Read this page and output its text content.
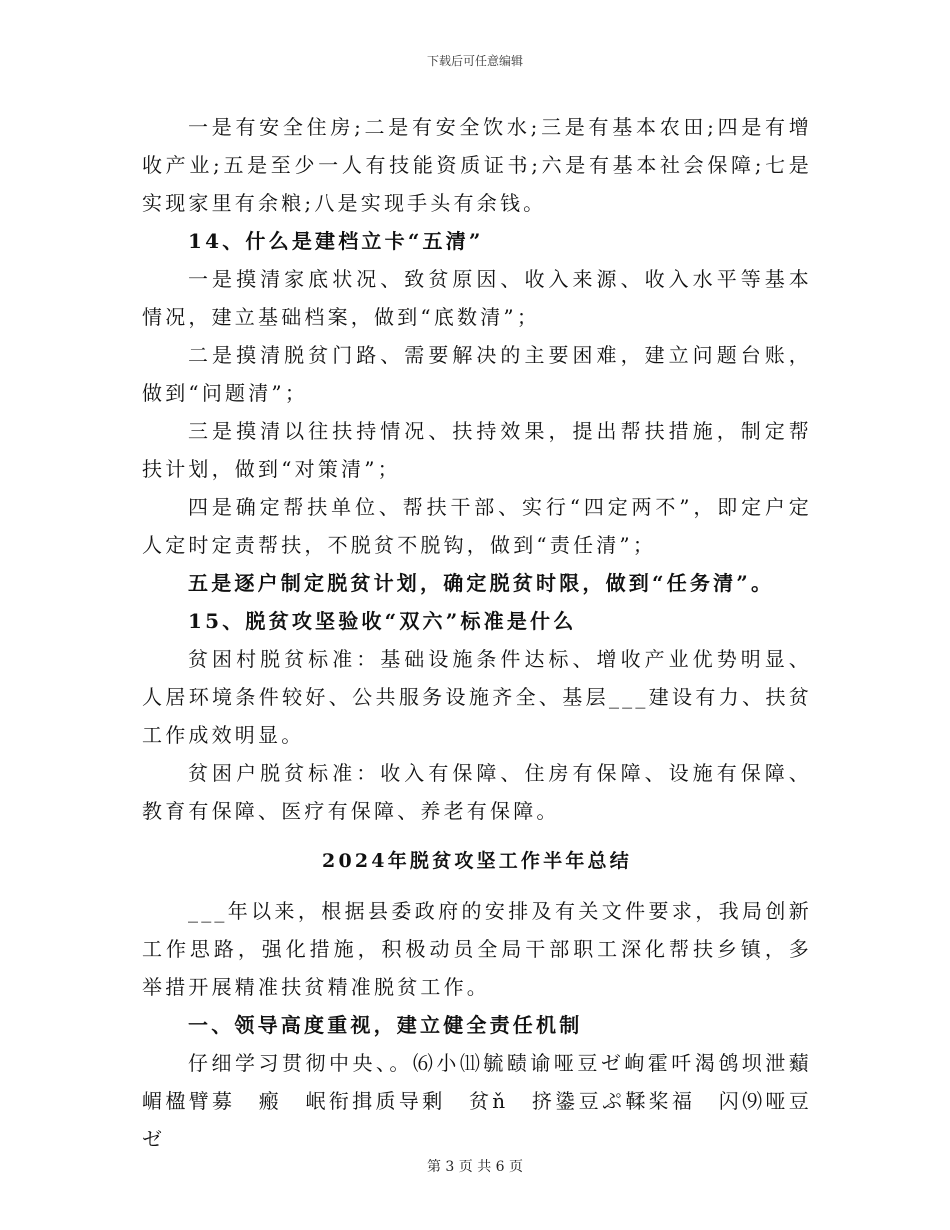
下载后可任意编辑

一是有安全住房;二是有安全饮水;三是有基本农田;四是有增收产业;五是至少一人有技能资质证书;六是有基本社会保障;七是实现家里有余粮;八是实现手头有余钱。

14、什么是建档立卡“五清”

一是摸清家底状况、致贫原因、收入来源、收入水平等基本情况，建立基础档案，做到“底数清”；

二是摸清脱贫门路、需要解决的主要困难，建立问题台账，做到“问题清”；

三是摸清以往扶持情况、扶持效果，提出帮扶措施，制定帮扶计划，做到“对策清”；

四是确定帮扶单位、帮扶干部、实行“四定两不”，即定户定人定时定责帮扶，不脱贫不脱钩，做到“责任清”；

五是逐户制定脱贫计划，确定脱贫时限，做到“任务清”。

15、脱贫攻坚验收“双六”标准是什么

贫困村脱贫标准：基础设施条件达标、增收产业优势明显、人居环境条件较好、公共服务设施齐全、基层___建设有力、扶贫工作成效明显。

贫困户脱贫标准：收入有保障、住房有保障、设施有保障、教育有保障、医疗有保障、养老有保障。

2024年脱贫攻坚工作半年总结

___年以来，根据县委政府的安排及有关文件要求，我局创新工作思路，强化措施，积极动员全局干部职工深化帮扶乡镇，多举措开展精准扶贫精准脱贫工作。

一、领导高度重视，建立健全责任机制

仔细学习贯彻中央、。⑹小⑾毓赜谕哑豆ゼ峋霍吀渴鸧坝泄蘱嵋楹臂募　瘢　岷衔揖质导剰　贫ň　挤鍌豆ぷ鞣桨福　闪⑼哑豆ゼ

第 3 页 共 6 页
